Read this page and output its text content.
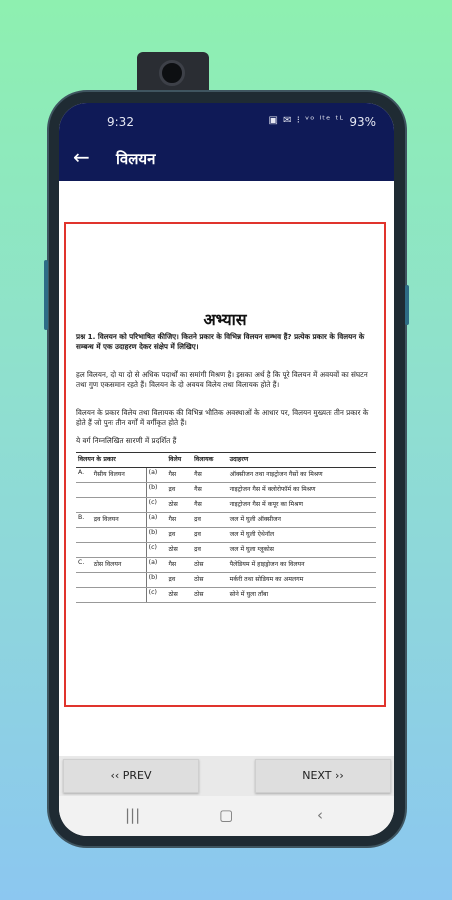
9:32	▣ ✉ ⁝ ᵛᵒ ˡᵗᵉ ᵗᴸ 93%
← विलयन
अभ्यास
प्रश्न 1. विलयन को परिभाषित कीजिए। कितने प्रकार के विभिन्न विलयन सम्भव हैं? प्रत्येक प्रकार के विलयन के सम्बन्ध में एक उदाहरण देकर संक्षेप में लिखिए।
हल विलयन, दो या दो से अधिक पदार्थों का समांगी मिश्रण है। इसका अर्थ है कि पूरे विलयन में अवयवों का संघटन तथा गुण एकसमान रहते हैं। विलयन के दो अवयव विलेय तथा विलायक होते हैं।
विलयन के प्रकार विलेय तथा विलायक की विभिन्न भौतिक अवस्थाओं के आधार पर, विलयन मुख्यतः तीन प्रकार के होते हैं जो पुनः तीन वर्गों में वर्गीकृत होते हैं।
ये वर्ग निम्नलिखित सारणी में प्रदर्शित हैं
विलयन के प्रकार			विलेय	विलायक	उदाहरण
A.	गैसीय विलयन	(a)	गैस	गैस	ऑक्सीजन तथा नाइट्रोजन गैसों का मिश्रण
		(b)	द्रव	गैस	नाइट्रोजन गैस में क्लोरोफॉर्म का मिश्रण
		(c)	ठोस	गैस	नाइट्रोजन गैस में कपूर का मिश्रण
B.	द्रव विलयन	(a)	गैस	द्रव	जल में घुली ऑक्सीजन
		(b)	द्रव	द्रव	जल में घुली ऐथेनॉल
		(c)	ठोस	द्रव	जल में घुला ग्लूकोस
C.	ठोस विलयन	(a)	गैस	ठोस	पैलेडियम में हाइड्रोजन का विलयन
		(b)	द्रव	ठोस	मर्करी तथा सोडियम का अमलगम
		(c)	ठोस	ठोस	सोने में घुला ताँबा
‹‹ PREV	NEXT ››
|||	▢	‹
